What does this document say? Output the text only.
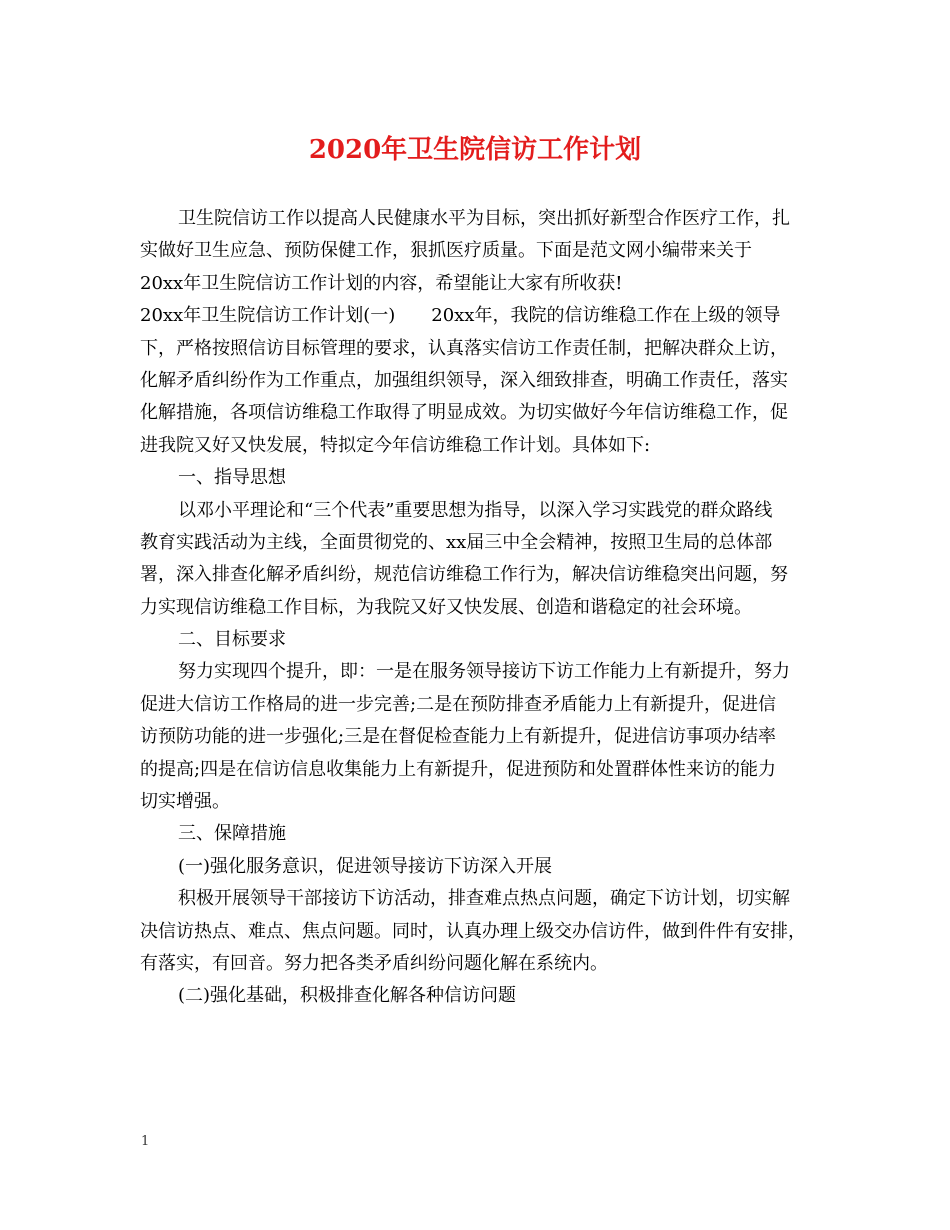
2020年卫生院信访工作计划
卫生院信访工作以提高人民健康水平为目标，突出抓好新型合作医疗工作，扎
实做好卫生应急、预防保健工作，狠抓医疗质量。下面是范文网小编带来关于
20xx年卫生院信访工作计划的内容，希望能让大家有所收获!
20xx年卫生院信访工作计划(一)　　20xx年，我院的信访维稳工作在上级的领导
下，严格按照信访目标管理的要求，认真落实信访工作责任制，把解决群众上访，
化解矛盾纠纷作为工作重点，加强组织领导，深入细致排查，明确工作责任，落实
化解措施，各项信访维稳工作取得了明显成效。为切实做好今年信访维稳工作，促
进我院又好又快发展，特拟定今年信访维稳工作计划。具体如下:
一、指导思想
以邓小平理论和“三个代表”重要思想为指导，以深入学习实践党的群众路线
教育实践活动为主线，全面贯彻党的、xx届三中全会精神，按照卫生局的总体部
署，深入排查化解矛盾纠纷，规范信访维稳工作行为，解决信访维稳突出问题，努
力实现信访维稳工作目标，为我院又好又快发展、创造和谐稳定的社会环境。
二、目标要求
努力实现四个提升，即：一是在服务领导接访下访工作能力上有新提升，努力
促进大信访工作格局的进一步完善;二是在预防排查矛盾能力上有新提升，促进信
访预防功能的进一步强化;三是在督促检查能力上有新提升，促进信访事项办结率
的提高;四是在信访信息收集能力上有新提升，促进预防和处置群体性来访的能力
切实增强。
三、保障措施
(一)强化服务意识，促进领导接访下访深入开展
积极开展领导干部接访下访活动，排查难点热点问题，确定下访计划，切实解
决信访热点、难点、焦点问题。同时，认真办理上级交办信访件，做到件件有安排，
有落实，有回音。努力把各类矛盾纠纷问题化解在系统内。
(二)强化基础，积极排查化解各种信访问题
1
